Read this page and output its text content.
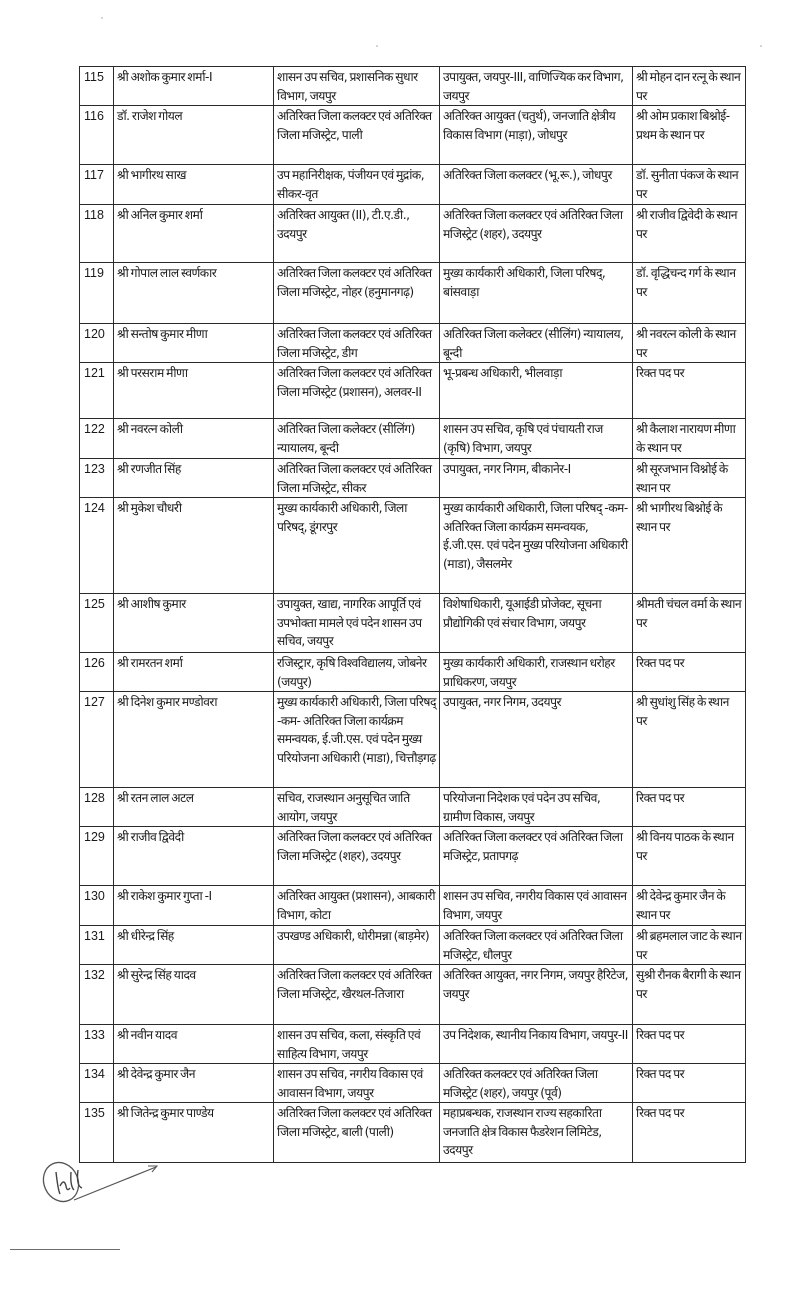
115	श्री अशोक कुमार शर्मा-I	शासन उप सचिव, प्रशासनिक सुधार विभाग, जयपुर	उपायुक्त, जयपुर-III, वाणिज्यिक कर विभाग, जयपुर	श्री मोहन दान रत्नू के स्थान पर
116	डॉ. राजेश गोयल	अतिरिक्त जिला कलक्टर एवं अतिरिक्त जिला मजिस्ट्रेट, पाली	अतिरिक्त आयुक्त (चतुर्थ), जनजाति क्षेत्रीय विकास विभाग (माड़ा), जोधपुर	श्री ओम प्रकाश बिश्नोई-प्रथम के स्थान पर
117	श्री भागीरथ साख	उप महानिरीक्षक, पंजीयन एवं मुद्रांक, सीकर-वृत	अतिरिक्त जिला कलक्टर (भू.रू.), जोधपुर	डॉ. सुनीता पंकज के स्थान पर
118	श्री अनिल कुमार शर्मा	अतिरिक्त आयुक्त (II), टी.ए.डी., उदयपुर	अतिरिक्त जिला कलक्टर एवं अतिरिक्त जिला मजिस्ट्रेट (शहर), उदयपुर	श्री राजीव द्विवेदी के स्थान पर
119	श्री गोपाल लाल स्वर्णकार	अतिरिक्त जिला कलक्टर एवं अतिरिक्त जिला मजिस्ट्रेट, नोहर (हनुमानगढ़)	मुख्य कार्यकारी अधिकारी, जिला परिषद्, बांसवाड़ा	डॉ. वृद्धिचन्द गर्ग के स्थान पर
120	श्री सन्तोष कुमार मीणा	अतिरिक्त जिला कलक्टर एवं अतिरिक्त जिला मजिस्ट्रेट, डीग	अतिरिक्त जिला कलेक्टर (सीलिंग) न्यायालय, बून्दी	श्री नवरत्न कोली के स्थान पर
121	श्री परसराम मीणा	अतिरिक्त जिला कलक्टर एवं अतिरिक्त जिला मजिस्ट्रेट (प्रशासन), अलवर-II	भू-प्रबन्ध अधिकारी, भीलवाड़ा	रिक्त पद पर
122	श्री नवरत्न कोली	अतिरिक्त जिला कलेक्टर (सीलिंग) न्यायालय, बून्दी	शासन उप सचिव, कृषि एवं पंचायती राज (कृषि) विभाग, जयपुर	श्री कैलाश नारायण मीणा के स्थान पर
123	श्री रणजीत सिंह	अतिरिक्त जिला कलक्टर एवं अतिरिक्त जिला मजिस्ट्रेट, सीकर	उपायुक्त, नगर निगम, बीकानेर-I	श्री सूरजभान विश्नोई के स्थान पर
124	श्री मुकेश चौधरी	मुख्य कार्यकारी अधिकारी, जिला परिषद्, डूंगरपुर	मुख्य कार्यकारी अधिकारी, जिला परिषद् -कम- अतिरिक्त जिला कार्यक्रम समन्वयक, ई.जी.एस. एवं पदेन मुख्य परियोजना अधिकारी (माडा), जैसलमेर	श्री भागीरथ बिश्नोई के स्थान पर
125	श्री आशीष कुमार	उपायुक्त, खाद्य, नागरिक आपूर्ति एवं उपभोक्ता मामले एवं पदेन शासन उप सचिव, जयपुर	विशेषाधिकारी, यूआईडी प्रोजेक्ट, सूचना प्रौद्योगिकी एवं संचार विभाग, जयपुर	श्रीमती चंचल वर्मा के स्थान पर
126	श्री रामरतन शर्मा	रजिस्ट्रार, कृषि विश्वविद्यालय, जोबनेर (जयपुर)	मुख्य कार्यकारी अधिकारी, राजस्थान धरोहर प्राधिकरण, जयपुर	रिक्त पद पर
127	श्री दिनेश कुमार मण्डोवरा	मुख्य कार्यकारी अधिकारी, जिला परिषद् -कम- अतिरिक्त जिला कार्यक्रम समन्वयक, ई.जी.एस. एवं पदेन मुख्य परियोजना अधिकारी (माडा), चित्तौड़गढ़	उपायुक्त, नगर निगम, उदयपुर	श्री सुधांशु सिंह के स्थान पर
128	श्री रतन लाल अटल	सचिव, राजस्थान अनुसूचित जाति आयोग, जयपुर	परियोजना निदेशक एवं पदेन उप सचिव, ग्रामीण विकास, जयपुर	रिक्त पद पर
129	श्री राजीव द्विवेदी	अतिरिक्त जिला कलक्टर एवं अतिरिक्त जिला मजिस्ट्रेट (शहर), उदयपुर	अतिरिक्त जिला कलक्टर एवं अतिरिक्त जिला मजिस्ट्रेट, प्रतापगढ़	श्री विनय पाठक के स्थान पर
130	श्री राकेश कुमार गुप्ता -I	अतिरिक्त आयुक्त (प्रशासन), आबकारी विभाग, कोटा	शासन उप सचिव, नगरीय विकास एवं आवासन विभाग, जयपुर	श्री देवेन्द्र कुमार जैन के स्थान पर
131	श्री धीरेन्द्र सिंह	उपखण्ड अधिकारी, धोरीमन्ना (बाड़मेर)	अतिरिक्त जिला कलक्टर एवं अतिरिक्त जिला मजिस्ट्रेट, धौलपुर	श्री ब्रहमलाल जाट के स्थान पर
132	श्री सुरेन्द्र सिंह यादव	अतिरिक्त जिला कलक्टर एवं अतिरिक्त जिला मजिस्ट्रेट, खैरथल-तिजारा	अतिरिक्त आयुक्त, नगर निगम, जयपुर हैरिटेज, जयपुर	सुश्री रौनक बैरागी के स्थान पर
133	श्री नवीन यादव	शासन उप सचिव, कला, संस्कृति एवं साहित्य विभाग, जयपुर	उप निदेशक, स्थानीय निकाय विभाग, जयपुर-II	रिक्त पद पर
134	श्री देवेन्द्र कुमार जैन	शासन उप सचिव, नगरीय विकास एवं आवासन विभाग, जयपुर	अतिरिक्त कलक्टर एवं अतिरिक्त जिला मजिस्ट्रेट (शहर), जयपुर (पूर्व)	रिक्त पद पर
135	श्री जितेन्द्र कुमार पाण्डेय	अतिरिक्त जिला कलक्टर एवं अतिरिक्त जिला मजिस्ट्रेट, बाली (पाली)	महाप्रबन्धक, राजस्थान राज्य सहकारिता जनजाति क्षेत्र विकास फैडरेशन लिमिटेड, उदयपुर	रिक्त पद पर
